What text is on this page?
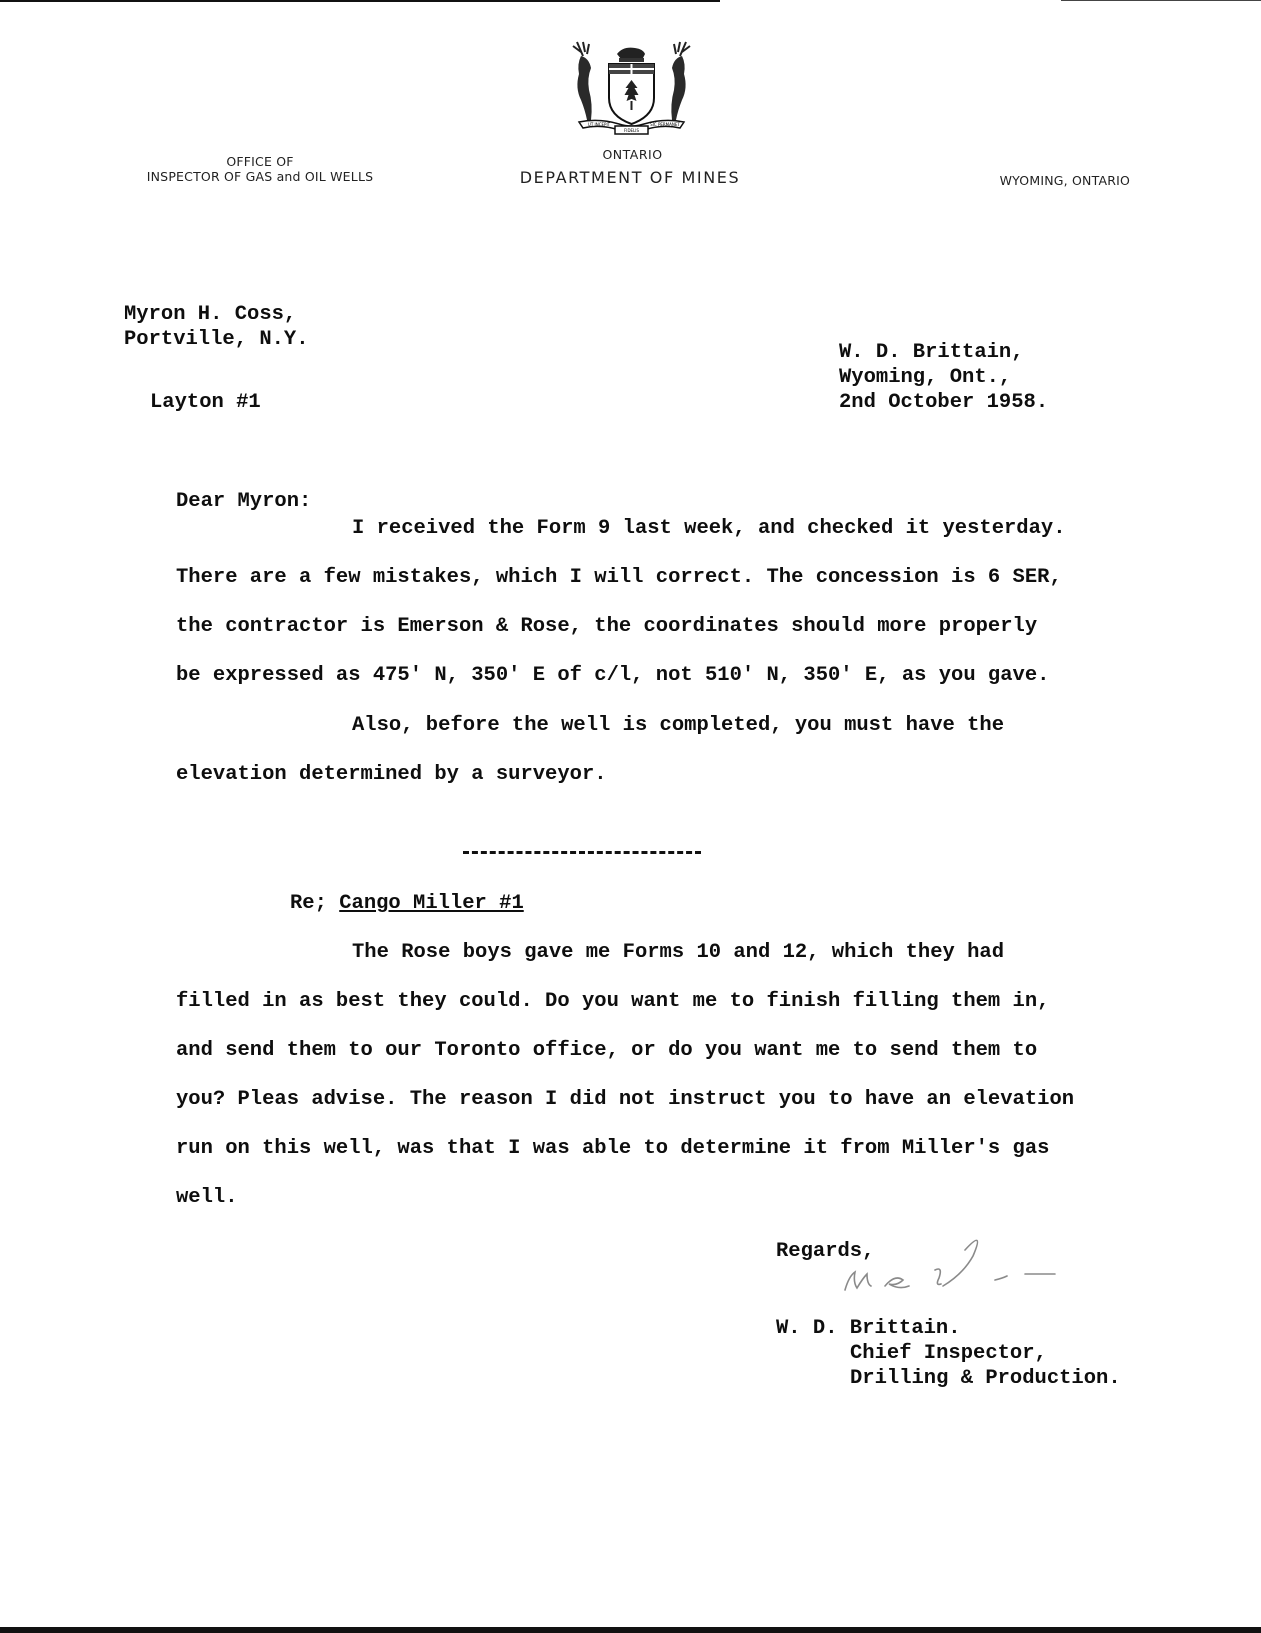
UT INCEPIT
FIDELIS
SIC PERMANET
OFFICE OF
INSPECTOR OF GAS and OIL WELLS
ONTARIO
DEPARTMENT OF MINES	WYOMING, ONTARIO
Myron H. Coss,
Portville, N.Y.
Layton #1
W. D. Brittain,
Wyoming, Ont.,
2nd October 1958.
Dear Myron:
I received the Form 9 last week, and checked it yesterday.
There are a few mistakes, which I will correct. The concession is 6 SER,
the contractor is Emerson & Rose, the coordinates should more properly
be expressed as 475' N, 350' E of c/l, not 510' N, 350' E, as you gave.
Also, before the well is completed, you must have the
elevation determined by a surveyor.
Re; Cango Miller #1
The Rose boys gave me Forms 10 and 12, which they had
filled in as best they could. Do you want me to finish filling them in,
and send them to our Toronto office, or do you want me to send them to
you? Pleas advise. The reason I did not instruct you to have an elevation
run on this well, was that I was able to determine it from Miller's gas
well.
Regards,
W. D. Brittain.
Chief Inspector,
Drilling & Production.
